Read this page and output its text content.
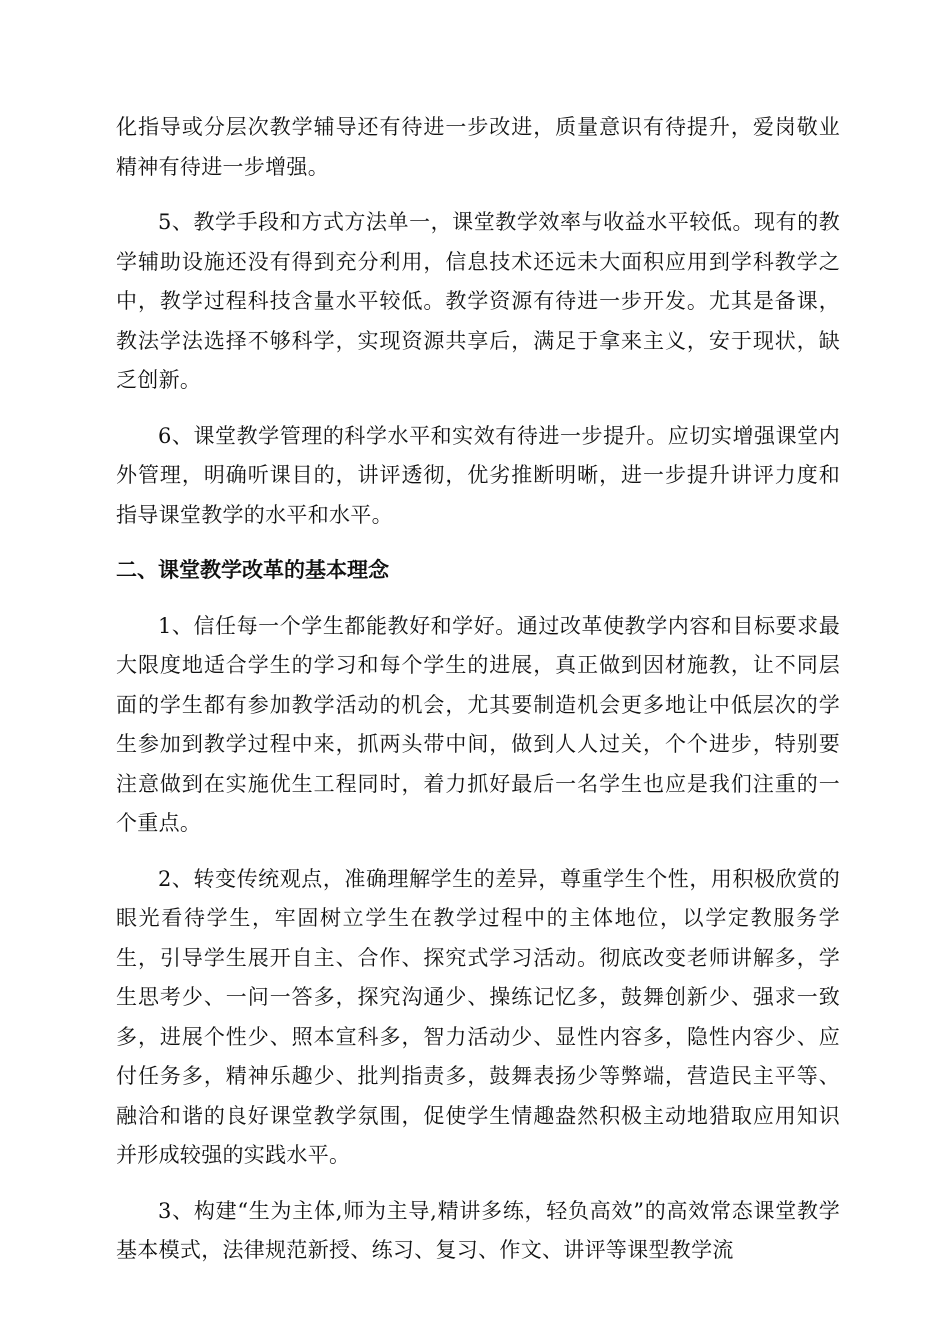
化指导或分层次教学辅导还有待进一步改进，质量意识有待提升，爱岗敬业精神有待进一步增强。

5、教学手段和方式方法单一，课堂教学效率与收益水平较低。现有的教学辅助设施还没有得到充分利用，信息技术还远未大面积应用到学科教学之中，教学过程科技含量水平较低。教学资源有待进一步开发。尤其是备课，教法学法选择不够科学，实现资源共享后，满足于拿来主义，安于现状，缺乏创新。

6、课堂教学管理的科学水平和实效有待进一步提升。应切实增强课堂内外管理，明确听课目的，讲评透彻，优劣推断明晰，进一步提升讲评力度和指导课堂教学的水平和水平。

二、课堂教学改革的基本理念

1、信任每一个学生都能教好和学好。通过改革使教学内容和目标要求最大限度地适合学生的学习和每个学生的进展，真正做到因材施教，让不同层面的学生都有参加教学活动的机会，尤其要制造机会更多地让中低层次的学生参加到教学过程中来，抓两头带中间，做到人人过关，个个进步，特别要注意做到在实施优生工程同时，着力抓好最后一名学生也应是我们注重的一个重点。

2、转变传统观点，准确理解学生的差异，尊重学生个性，用积极欣赏的眼光看待学生，牢固树立学生在教学过程中的主体地位，以学定教服务学生，引导学生展开自主、合作、探究式学习活动。彻底改变老师讲解多，学生思考少、一问一答多，探究沟通少、操练记忆多，鼓舞创新少、强求一致多，进展个性少、照本宣科多，智力活动少、显性内容多，隐性内容少、应付任务多，精神乐趣少、批判指责多，鼓舞表扬少等弊端，营造民主平等、融洽和谐的良好课堂教学氛围，促使学生情趣盎然积极主动地猎取应用知识并形成较强的实践水平。

3、构建“生为主体,师为主导,精讲多练，轻负高效”的高效常态课堂教学基本模式，法律规范新授、练习、复习、作文、讲评等课型教学流
